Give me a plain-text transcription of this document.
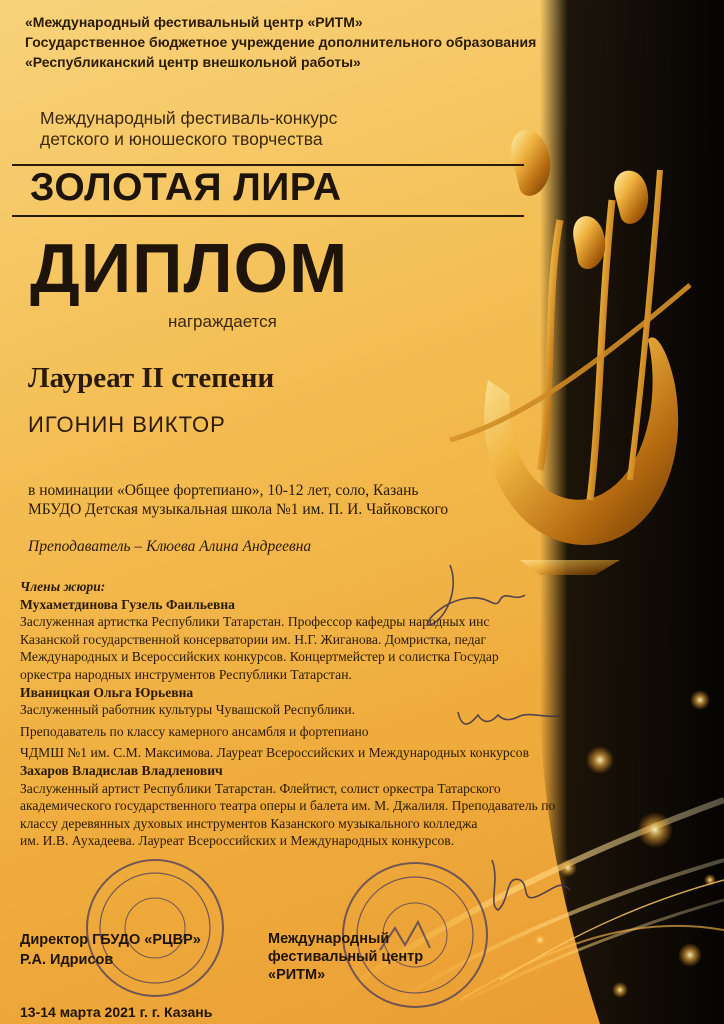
«Международный фестивальный центр «РИТМ»
Государственное бюджетное учреждение дополнительного образования
«Республиканский центр внешкольной работы»
Международный фестиваль-конкурс
детского и юношеского творчества
ЗОЛОТАЯ ЛИРА
ДИПЛОМ
награждается
Лауреат II степени
ИГОНИН ВИКТОР
в номинации «Общее фортепиано», 10-12 лет, соло, Казань
МБУДО Детская музыкальная школа №1 им. П. И. Чайковского
Преподаватель – Клюева Алина Андреевна
Члены жюри:
Мухаметдинова Гузель Фаильевна
Заслуженная артистка Республики Татарстан. Профессор кафедры народных инс
Казанской государственной консерватории им. Н.Г. Жиганова. Домристка, педаг
Международных и Всероссийских конкурсов. Концертмейстер и солистка Государ
оркестра народных инструментов Республики Татарстан.
Иваницкая Ольга Юрьевна
Заслуженный работник культуры Чувашской Республики.
Преподаватель по классу камерного ансамбля и фортепиано
ЧДМШ №1 им. С.М. Максимова. Лауреат Всероссийских и Международных конкурсов
Захаров Владислав Владленович
Заслуженный артист Республики Татарстан. Флейтист, солист оркестра Татарского
академического государственного театра оперы и балета им. М. Джалиля. Преподаватель по
классу деревянных духовых инструментов Казанского музыкального колледжа
им. И.В. Аухадеева. Лауреат Всероссийских и Международных конкурсов.
Директор ГБУДО «РЦВР»
Р.А. Идрисов
Международный
фестивальный центр
«РИТМ»
13-14 марта 2021 г. г. Казань
